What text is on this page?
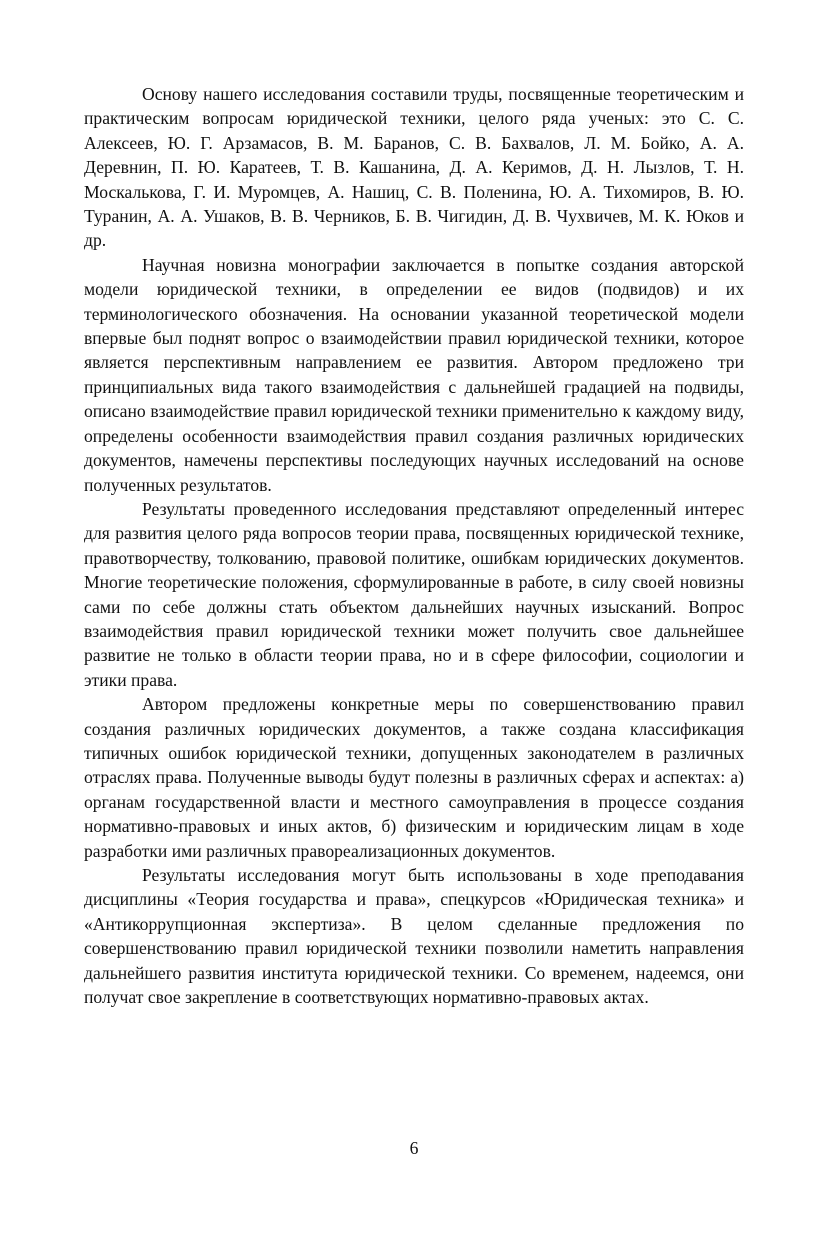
Основу нашего исследования составили труды, посвященные теоретическим и практическим вопросам юридической техники, целого ряда ученых: это С. С. Алексеев, Ю. Г. Арзамасов, В. М. Баранов, С. В. Бахвалов, Л. М. Бойко, А. А. Деревнин, П. Ю. Каратеев, Т. В. Кашанина, Д. А. Керимов, Д. Н. Лызлов, Т. Н. Москалькова, Г. И. Муромцев, А. Нашиц, С. В. Поленина, Ю. А. Тихомиров, В. Ю. Туранин, А. А. Ушаков, В. В. Черников, Б. В. Чигидин, Д. В. Чухвичев, М. К. Юков и др.

Научная новизна монографии заключается в попытке создания авторской модели юридической техники, в определении ее видов (подвидов) и их терминологического обозначения. На основании указанной теоретической модели впервые был поднят вопрос о взаимодействии правил юридической техники, которое является перспективным направлением ее развития. Автором предложено три принципиальных вида такого взаимодействия с дальнейшей градацией на подвиды, описано взаимодействие правил юридической техники применительно к каждому виду, определены особенности взаимодействия правил создания различных юридических документов, намечены перспективы последующих научных исследований на основе полученных результатов.

Результаты проведенного исследования представляют определенный интерес для развития целого ряда вопросов теории права, посвященных юридической технике, правотворчеству, толкованию, правовой политике, ошибкам юридических документов. Многие теоретические положения, сформулированные в работе, в силу своей новизны сами по себе должны стать объектом дальнейших научных изысканий. Вопрос взаимодействия правил юридической техники может получить свое дальнейшее развитие не только в области теории права, но и в сфере философии, социологии и этики права.

Автором предложены конкретные меры по совершенствованию правил создания различных юридических документов, а также создана классификация типичных ошибок юридической техники, допущенных законодателем в различных отраслях права. Полученные выводы будут полезны в различных сферах и аспектах: а) органам государственной власти и местного самоуправления в процессе создания нормативно-правовых и иных актов, б) физическим и юридическим лицам в ходе разработки ими различных правореализационных документов.

Результаты исследования могут быть использованы в ходе преподавания дисциплины «Теория государства и права», спецкурсов «Юридическая техника» и «Антикоррупционная экспертиза». В целом сделанные предложения по совершенствованию правил юридической техники позволили наметить направления дальнейшего развития института юридической техники. Со временем, надеемся, они получат свое закрепление в соответствующих нормативно-правовых актах.

6
